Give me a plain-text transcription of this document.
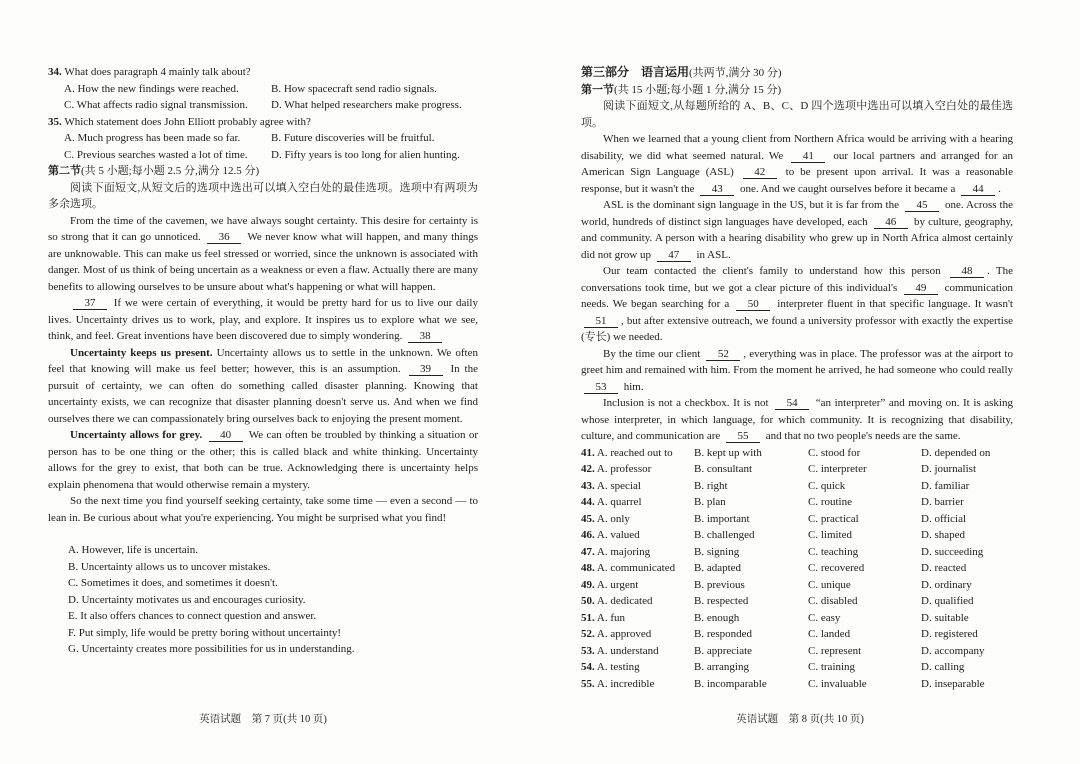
34. What does paragraph 4 mainly talk about?
A. How the new findings were reached.	B. How spacecraft send radio signals.
C. What affects radio signal transmission.	D. What helped researchers make progress.
35. Which statement does John Elliott probably agree with?
A. Much progress has been made so far.	B. Future discoveries will be fruitful.
C. Previous searches wasted a lot of time.	D. Fifty years is too long for alien hunting.
第二节(共 5 小题;每小题 2.5 分,满分 12.5 分)

阅读下面短文,从短文后的选项中选出可以填入空白处的最佳选项。选项中有两项为多余选项。

From the time of the cavemen, we have always sought certainty. This desire for certainty is so strong that it can go unnoticed. 36 We never know what will happen, and many things are unknowable. This can make us feel stressed or worried, since the unknown is associated with danger. Most of us think of being uncertain as a weakness or even a flaw. Actually there are many benefits to allowing ourselves to be unsure about what's happening or what will happen.

37 If we were certain of everything, it would be pretty hard for us to live our daily lives. Uncertainty drives us to work, play, and explore. It inspires us to explore what we see, think, and feel. Great inventions have been discovered due to simply wondering. 38

Uncertainty keeps us present. Uncertainty allows us to settle in the unknown. We often feel that knowing will make us feel better; however, this is an assumption. 39 In the pursuit of certainty, we can often do something called disaster planning. Knowing that uncertainty exists, we can recognize that disaster planning doesn't serve us. And when we find ourselves there we can compassionately bring ourselves back to enjoying the present moment.

Uncertainty allows for grey. 40 We can often be troubled by thinking a situation or person has to be one thing or the other; this is called black and white thinking. Uncertainty allows for the grey to exist, that both can be true. Acknowledging there is uncertainty helps explain phenomena that would otherwise remain a mystery.

So the next time you find yourself seeking certainty, take some time — even a second — to lean in. Be curious about what you're experiencing. You might be surprised what you find!

A. However, life is uncertain.
B. Uncertainty allows us to uncover mistakes.
C. Sometimes it does, and sometimes it doesn't.
D. Uncertainty motivates us and encourages curiosity.
E. It also offers chances to connect question and answer.
F. Put simply, life would be pretty boring without uncertainty!
G. Uncertainty creates more possibilities for us in understanding.
英语试题　第 7 页(共 10 页)
第三部分　语言运用(共两节,满分 30 分)
第一节(共 15 小题;每小题 1 分,满分 15 分)

阅读下面短文,从每题所给的 A、B、C、D 四个选项中选出可以填入空白处的最佳选项。

When we learned that a young client from Northern Africa would be arriving with a hearing disability, we did what seemed natural. We 41 our local partners and arranged for an American Sign Language (ASL) 42 to be present upon arrival. It was a reasonable response, but it wasn't the 43 one. And we caught ourselves before it became a 44 .

ASL is the dominant sign language in the US, but it is far from the 45 one. Across the world, hundreds of distinct sign languages have developed, each 46 by culture, geography, and community. A person with a hearing disability who grew up in North Africa almost certainly did not grow up 47 in ASL.

Our team contacted the client's family to understand how this person 48 . The conversations took time, but we got a clear picture of this individual's 49 communication needs. We began searching for a 50 interpreter fluent in that specific language. It wasn't 51 , but after extensive outreach, we found a university professor with exactly the expertise (专长) we needed.

By the time our client 52 , everything was in place. The professor was at the airport to greet him and remained with him. From the moment he arrived, he had someone who could really 53 him.

Inclusion is not a checkbox. It is not 54 “an interpreter” and moving on. It is asking whose interpreter, in which language, for which community. It is recognizing that disability, culture, and communication are 55 and that no two people's needs are the same.

41. A. reached out to	B. kept up with	C. stood for	D. depended on
42. A. professor	B. consultant	C. interpreter	D. journalist
43. A. special	B. right	C. quick	D. familiar
44. A. quarrel	B. plan	C. routine	D. barrier
45. A. only	B. important	C. practical	D. official
46. A. valued	B. challenged	C. limited	D. shaped
47. A. majoring	B. signing	C. teaching	D. succeeding
48. A. communicated	B. adapted	C. recovered	D. reacted
49. A. urgent	B. previous	C. unique	D. ordinary
50. A. dedicated	B. respected	C. disabled	D. qualified
51. A. fun	B. enough	C. easy	D. suitable
52. A. approved	B. responded	C. landed	D. registered
53. A. understand	B. appreciate	C. represent	D. accompany
54. A. testing	B. arranging	C. training	D. calling
55. A. incredible	B. incomparable	C. invaluable	D. inseparable
英语试题　第 8 页(共 10 页)
